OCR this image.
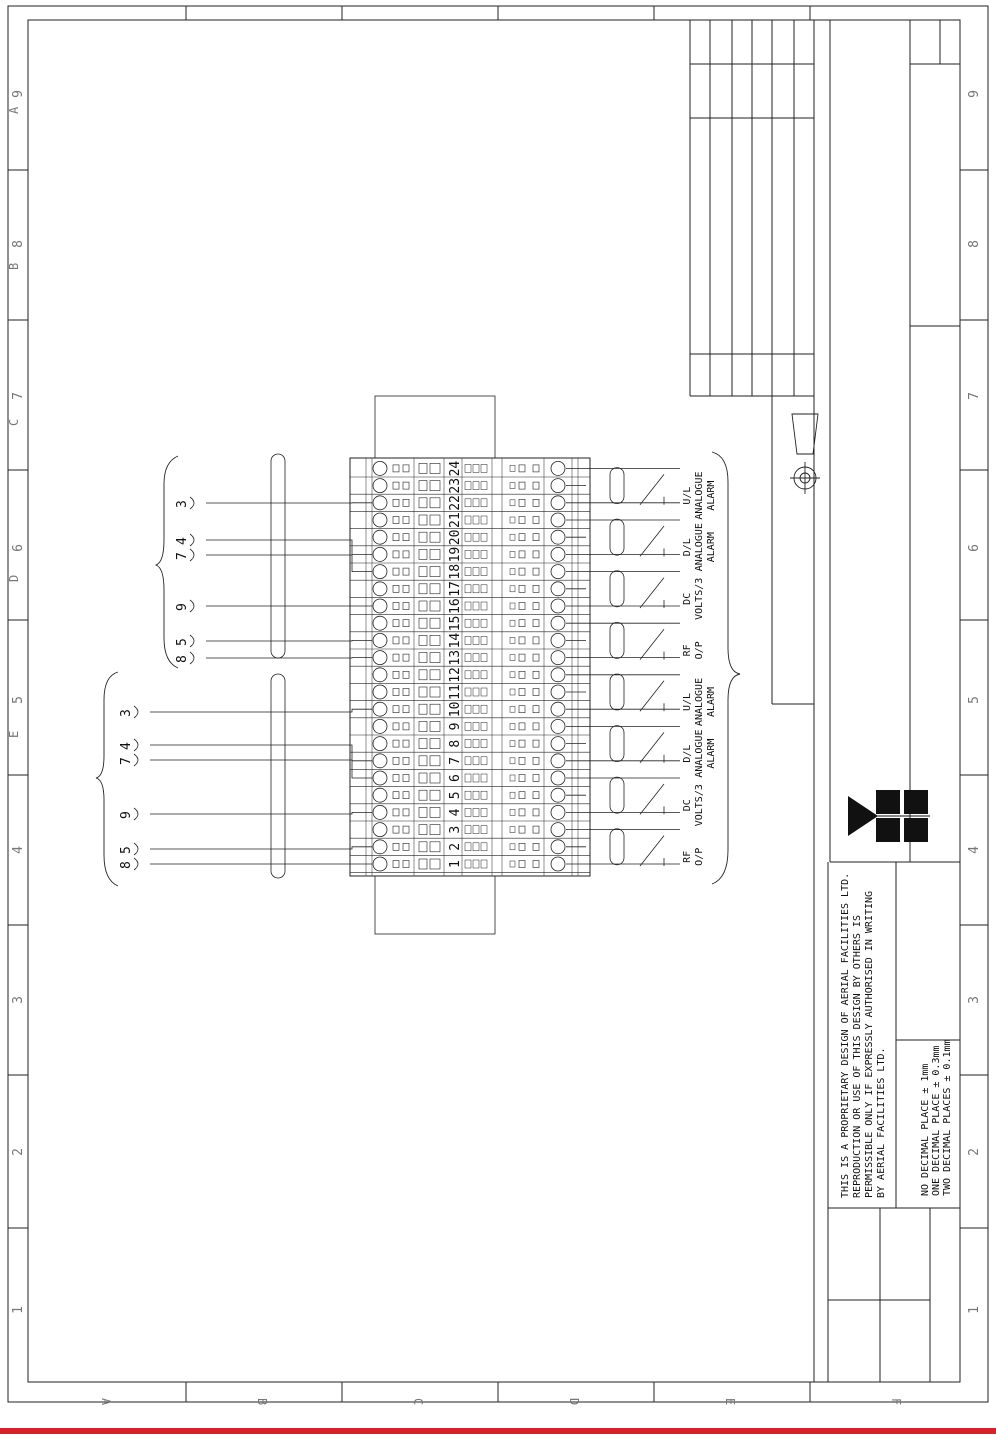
A
A
B
B
C
C
D
D
E
E	F
1	1
2	2
3	3
4	4
5	5
6	6
7	7
8	8
9	9
1
2
3
4
5
6
7
8
9
10
11
12
13
14
15
16
17
18
19
20
21
22
23
24
8
5
9
7
4
3
8
5
9
7
4
3
RF O/P
DC VOLTS/3
D/L ANALOGUE ALARM
U/L ANALOGUE ALARM
RF O/P
DC VOLTS/3
D/L ANALOGUE ALARM
U/L ANALOGUE ALARM
THIS IS A PROPRIETARY DESIGN OF AERIAL FACILITIES LTD. REPRODUCTION OR USE OF THIS DESIGN BY OTHERS IS PERMISSIBLE ONLY IF EXPRESSLY AUTHORISED IN WRITING BY AERIAL FACILITIES LTD.	NO DECIMAL PLACE ± 1mm ONE DECIMAL PLACE ± 0.3mm TWO DECIMAL PLACES ± 0.1mm
